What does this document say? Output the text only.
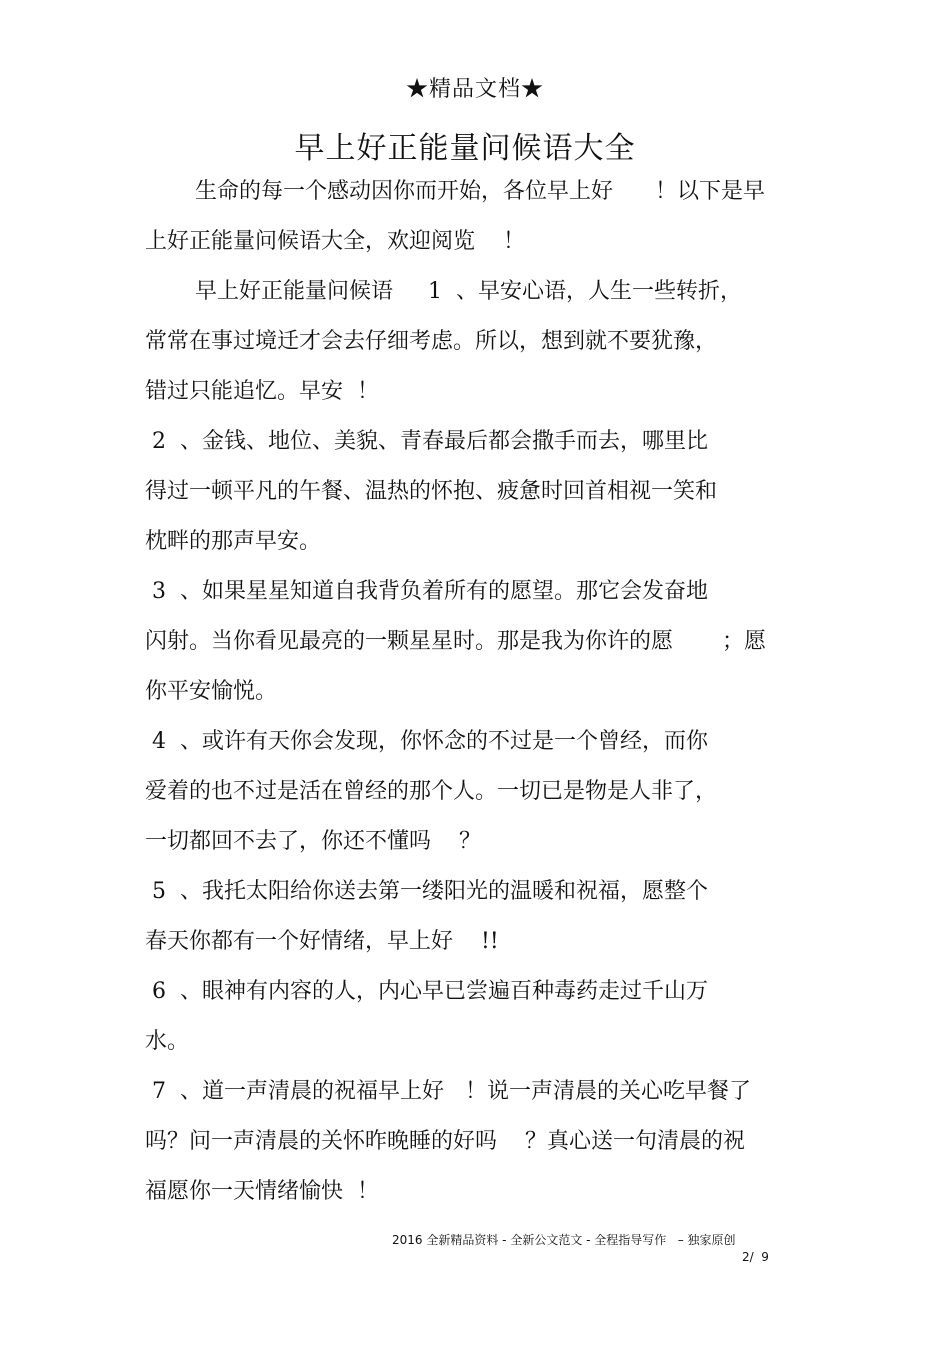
★精品文档★
早上好正能量问候语大全
生命的每一个感动因你而开始，各位早上好      ！以下是早
上好正能量问候语大全，欢迎阅览    ！
早上好正能量问候语     1  、早安心语，人生一些转折，
常常在事过境迁才会去仔细考虑。所以，想到就不要犹豫，
错过只能追忆。早安  ！
2  、金钱、地位、美貌、青春最后都会撒手而去，哪里比
得过一顿平凡的午餐、温热的怀抱、疲惫时回首相视一笑和
枕畔的那声早安。
3  、如果星星知道自我背负着所有的愿望。那它会发奋地
闪射。当你看见最亮的一颗星星时。那是我为你许的愿       ；愿
你平安愉悦。
4  、或许有天你会发现，你怀念的不过是一个曾经，而你
爱着的也不过是活在曾经的那个人。一切已是物是人非了，
一切都回不去了，你还不懂吗    ？
5  、我托太阳给你送去第一缕阳光的温暖和祝福，愿整个
春天你都有一个好情绪，早上好    !!
6  、眼神有内容的人，内心早已尝遍百种毒药走过千山万
水。
7  、道一声清晨的祝福早上好   ！说一声清晨的关心吃早餐了
吗？问一声清晨的关怀昨晚睡的好吗    ？真心送一句清晨的祝
福愿你一天情绪愉快  ！
2016 全新精品资料 - 全新公文范文 - 全程指导写作   – 独家原创
2/  9
